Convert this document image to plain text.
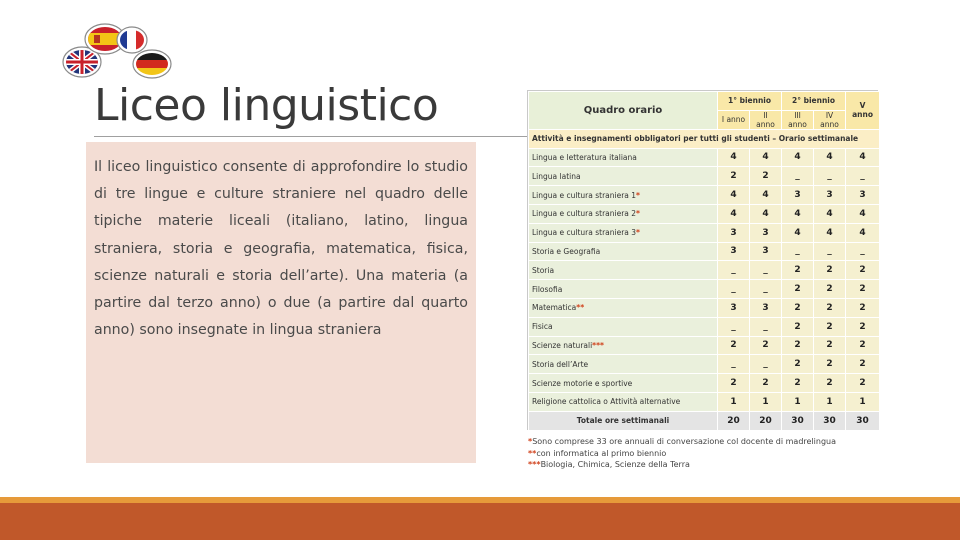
Liceo linguistico

Il liceo linguistico consente di approfondire lo studio di tre lingue e culture straniere nel quadro delle tipiche materie liceali (italiano, latino, lingua straniera, storia e geografia, matematica, fisica, scienze naturali e storia dell’arte). Una materia (a partire dal terzo anno) o due (a partire dal quarto anno) sono insegnate in lingua straniera

Quadro orario	1° biennio		2° biennio		V anno
	I anno	II anno	III anno	IV anno	
Attività e insegnamenti obbligatori per tutti gli studenti – Orario settimanale					
Lingua e letteratura italiana	4	4	4	4	4
Lingua latina	2	2	_	_	_
Lingua e cultura straniera 1*	4	4	3	3	3
Lingua e cultura straniera 2*	4	4	4	4	4
Lingua e cultura straniera 3*	3	3	4	4	4
Storia e Geografia	3	3	_	_	_
Storia	_	_	2	2	2
Filosofia	_	_	2	2	2
Matematica**	3	3	2	2	2
Fisica	_	_	2	2	2
Scienze naturali***	2	2	2	2	2
Storia dell’Arte	_	_	2	2	2
Scienze motorie e sportive	2	2	2	2	2
Religione cattolica o Attività alternative	1	1	1	1	1
Totale ore settimanali	20	20	30	30	30
*Sono comprese 33 ore annuali di conversazione col docente di madrelingua
**con informatica al primo biennio
***Biologia, Chimica, Scienze della Terra
